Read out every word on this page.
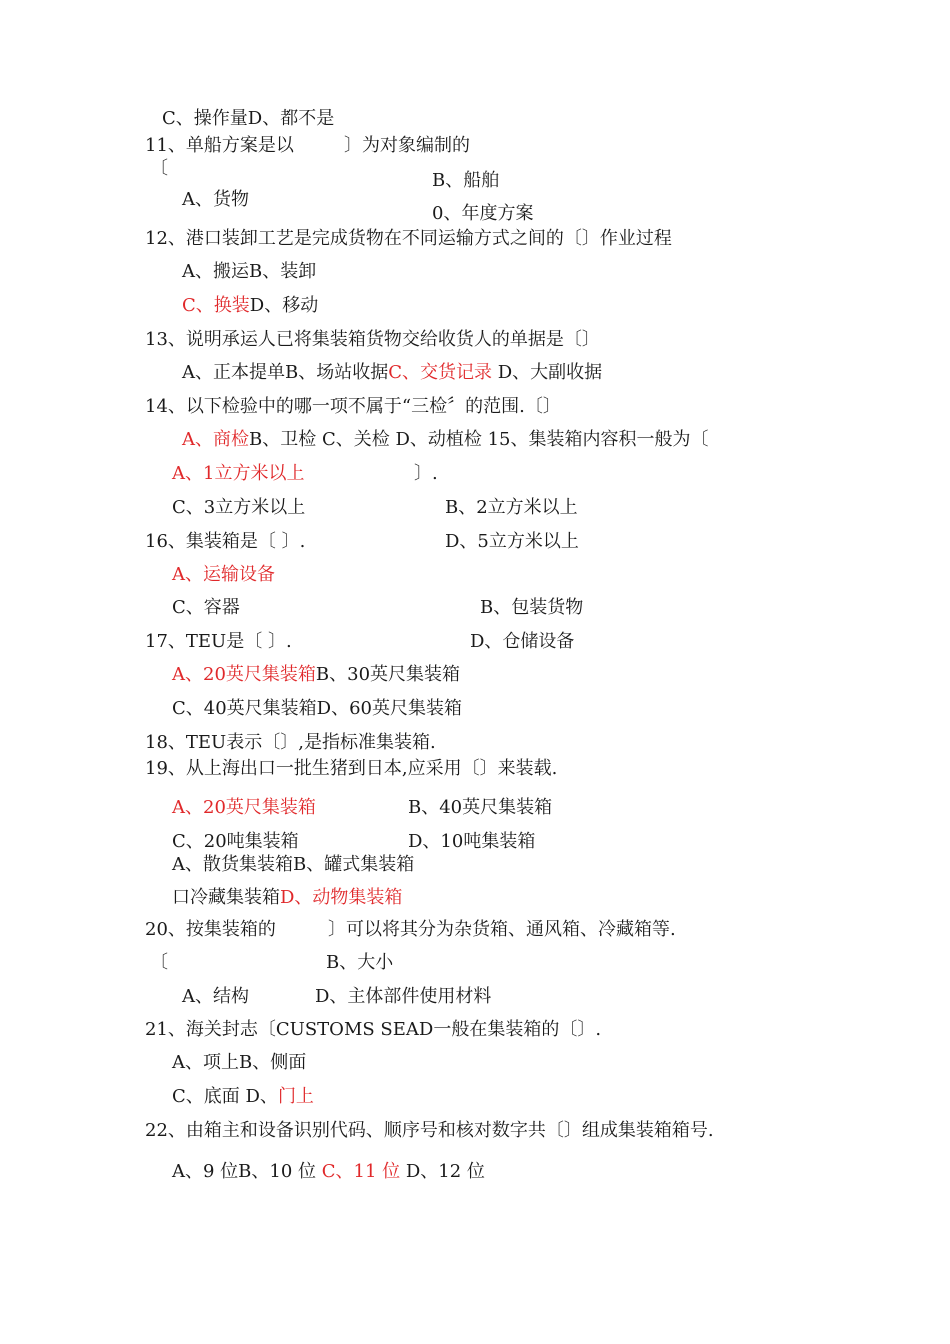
C、操作量D、都不是
11、单船方案是以	〕为对象编制的
〔
B、船舶
A、货物
0、年度方案
12、港口装卸工艺是完成货物在不同运输方式之间的〔〕作业过程
A、搬运B、装卸
C、换装D、移动
13、说明承运人已将集装箱货物交给收货人的单据是〔〕
A、正本提单B、场站收据C、交货记录 D、大副收据
14、以下检验中的哪一项不属于“三检〞的范围.〔〕
A、商检B、卫检 C、关检 D、动植检 15、集装箱内容积一般为〔
A、1立方米以上	〕.
C、3立方米以上	B、2立方米以上
16、集装箱是〔 〕.	D、5立方米以上
A、运输设备
C、容器	B、包装货物
17、TEU是〔 〕.	D、仓储设备
A、20英尺集装箱B、30英尺集装箱
C、40英尺集装箱D、60英尺集装箱
18、TEU表示〔〕,是指标准集装箱.
19、从上海出口一批生猪到日本,应采用〔〕来装载.
A、20英尺集装箱	B、40英尺集装箱
C、20吨集装箱	D、10吨集装箱
A、散货集装箱B、罐式集装箱
口冷藏集装箱D、动物集装箱
20、按集装箱的	〕可以将其分为杂货箱、通风箱、冷藏箱等.
〔	B、大小
A、结构	D、主体部件使用材料
21、海关封志〔CUSTOMS SEAD一般在集装箱的〔〕.
A、项上B、侧面
C、底面 D、门上
22、由箱主和设备识别代码、顺序号和核对数字共〔〕组成集装箱箱号.
A、9 位B、10 位 C、11 位 D、12 位
